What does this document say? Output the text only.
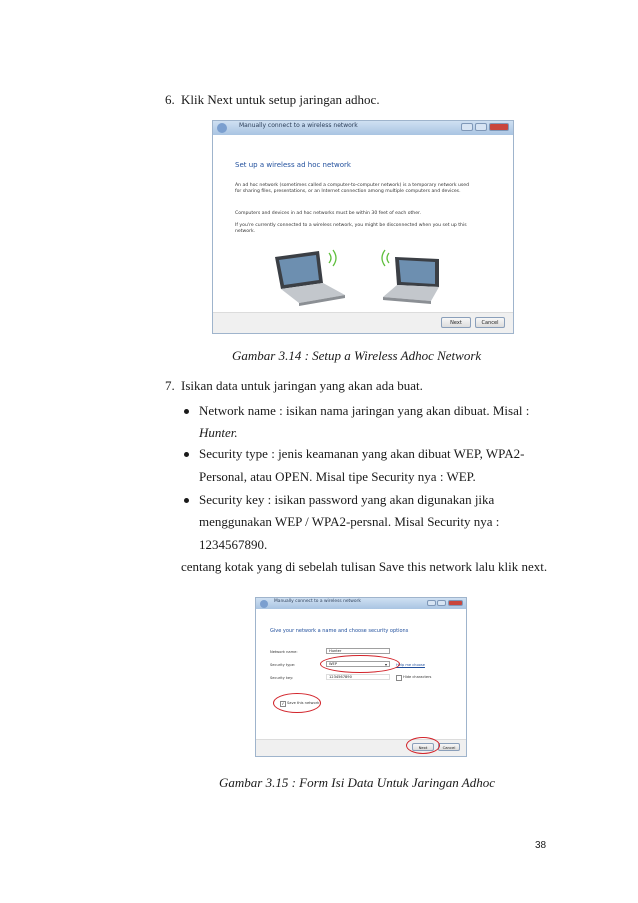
6. Klik Next untuk setup jaringan adhoc.
Manually connect to a wireless network
Set up a wireless ad hoc network
An ad hoc network (sometimes called a computer-to-computer network) is a temporary network used for sharing files, presentations, or an Internet connection among multiple computers and devices.
Computers and devices in ad hoc networks must be within 30 feet of each other.
If you're currently connected to a wireless network, you might be disconnected when you set up this network.
Next	Cancel
Gambar 3.14 : Setup a Wireless Adhoc Network
7. Isikan data untuk jaringan yang akan ada buat.
Network name : isikan nama jaringan yang akan dibuat. Misal :
Hunter.
Security type : jenis keamanan yang akan dibuat WEP, WPA2-
Personal, atau OPEN. Misal tipe Security nya : WEP.
Security key : isikan password yang akan digunakan jika
menggunakan WEP / WPA2-persnal. Misal Security nya :
1234567890.
centang kotak yang di sebelah tulisan Save this network lalu klik next.
Manually connect to a wireless network
Give your network a name and choose security options
Network name:	Hunter
Security type:	WEP	▾	Help me choose
Security key:	1234567890	Hide characters
✓ Save this network
Next	Cancel
Gambar 3.15 : Form Isi Data Untuk Jaringan Adhoc
38
